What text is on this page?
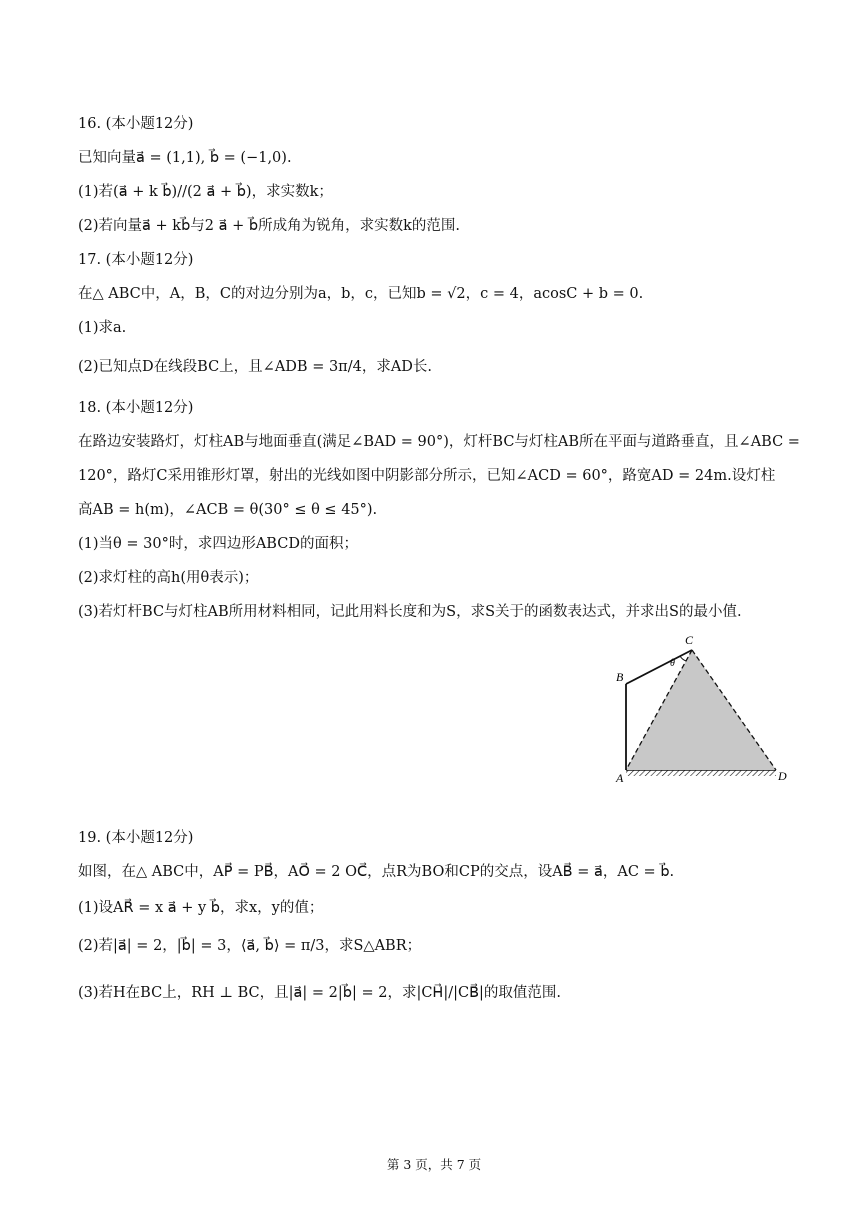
16. (本小题12分)
已知向量a⃗ = (1,1), b⃗ = (−1,0).
(1)若(a⃗ + k b⃗)//(2 a⃗ + b⃗)，求实数k；
(2)若向量a⃗ + kb⃗与2 a⃗ + b⃗所成角为锐角，求实数k的范围.
17. (本小题12分)
在△ ABC中，A，B，C的对边分别为a，b，c，已知b = √2，c = 4，acosC + b = 0.
(1)求a.
(2)已知点D在线段BC上，且∠ADB = 3π/4，求AD长.
18. (本小题12分)
在路边安装路灯，灯柱AB与地面垂直(满足∠BAD = 90°)，灯杆BC与灯柱AB所在平面与道路垂直，且∠ABC =
120°，路灯C采用锥形灯罩，射出的光线如图中阴影部分所示，已知∠ACD = 60°，路宽AD = 24m.设灯柱
高AB = h(m)，∠ACB = θ(30° ≤ θ ≤ 45°).
(1)当θ = 30°时，求四边形ABCD的面积；
(2)求灯柱的高h(用θ表示)；
(3)若灯杆BC与灯柱AB所用材料相同，记此用料长度和为S，求S关于的函数表达式，并求出S的最小值.
A
B
C
D
θ
19. (本小题12分)
如图，在△ ABC中，AP⃗ = PB⃗，AO⃗ = 2 OC⃗，点R为BO和CP的交点，设AB⃗ = a⃗，AC = b⃗.
(1)设AR⃗ = x a⃗ + y b⃗，求x，y的值；
(2)若|a⃗| = 2，|b⃗| = 3，⟨a⃗, b⃗⟩ = π/3，求S△ABR；
(3)若H在BC上，RH ⊥ BC，且|a⃗| = 2|b⃗| = 2，求|CH⃗|/|CB⃗|的取值范围.
第 3 页，共 7 页
